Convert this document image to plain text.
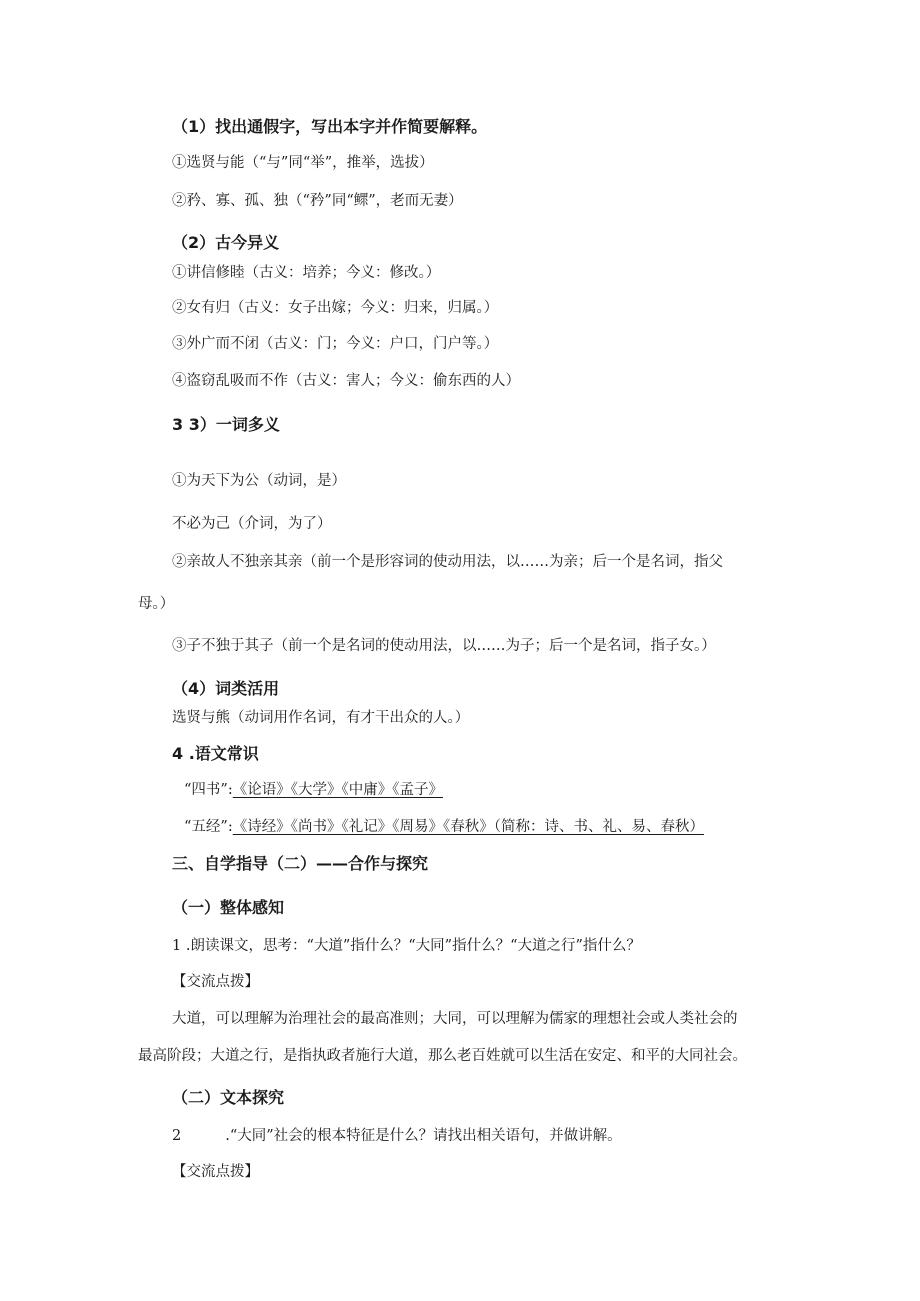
（1）找出通假字，写出本字并作简要解释。

①选贤与能（“与”同“举”，推举，选拔）

②矜、寡、孤、独（“矜”同“鳏”，老而无妻）

（2）古今异义

①讲信修睦（古义：培养；今义：修改。）

②女有归（古义：女子出嫁；今义：归来，归属。）

③外广而不闭（古义：门；今义：户口，门户等。）

④盗窃乱吸而不作（古义：害人；今义：偷东西的人）

3 3）一词多义

①为天下为公（动词，是）

不必为己（介词，为了）

②亲故人不独亲其亲（前一个是形容词的使动用法，以……为亲；后一个是名词，指父

母。）

③子不独于其子（前一个是名词的使动用法，以……为子；后一个是名词，指子女。）

（4）词类活用

选贤与熊（动词用作名词，有才干出众的人。）

4 .语文常识

“四书”:《论语》《大学》《中庸》《孟子》

“五经”:《诗经》《尚书》《礼记》《周易》《春秋》（简称：诗、书、礼、易、春秋）

三、自学指导（二）——合作与探究

（一）整体感知

1 .朗读课文，思考：“大道”指什么？“大同”指什么？“大道之行”指什么？

【交流点拨】

大道，可以理解为治理社会的最高准则；大同，可以理解为儒家的理想社会或人类社会的

最高阶段；大道之行，是指执政者施行大道，那么老百姓就可以生活在安定、和平的大同社会。

（二）文本探究

2	.“大同”社会的根本特征是什么？请找出相关语句，并做讲解。

【交流点拨】
